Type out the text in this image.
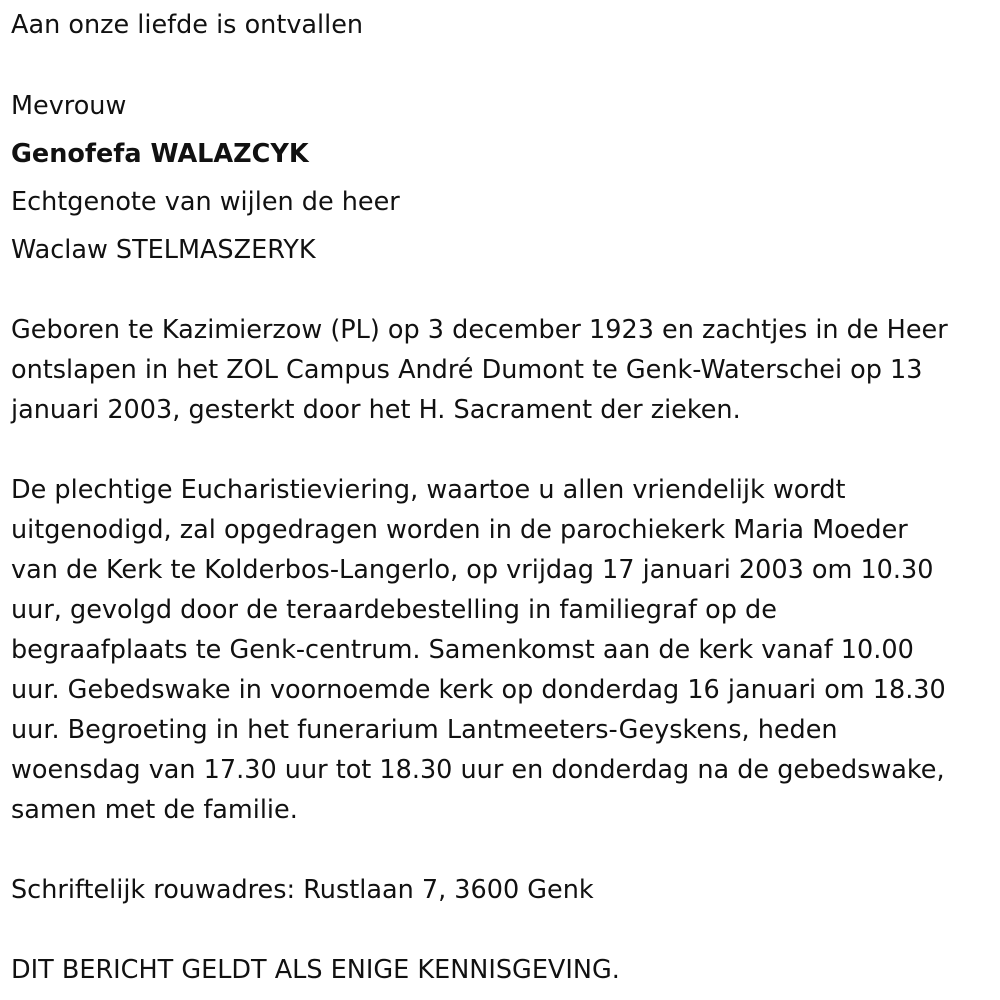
Aan onze liefde is ontvallen

Mevrouw

Genofefa WALAZCYK

Echtgenote van wijlen de heer

Waclaw STELMASZERYK

Geboren te Kazimierzow (PL) op 3 december 1923 en zachtjes in de Heer

ontslapen in het ZOL Campus André Dumont te Genk-Waterschei op 13

januari 2003, gesterkt door het H. Sacrament der zieken.

De plechtige Eucharistieviering, waartoe u allen vriendelijk wordt

uitgenodigd, zal opgedragen worden in de parochiekerk Maria Moeder

van de Kerk te Kolderbos-Langerlo, op vrijdag 17 januari 2003 om 10.30

uur, gevolgd door de teraardebestelling in familiegraf op de

begraafplaats te Genk-centrum. Samenkomst aan de kerk vanaf 10.00

uur. Gebedswake in voornoemde kerk op donderdag 16 januari om 18.30

uur. Begroeting in het funerarium Lantmeeters-Geyskens, heden

woensdag van 17.30 uur tot 18.30 uur en donderdag na de gebedswake,

samen met de familie.

Schriftelijk rouwadres: Rustlaan 7, 3600 Genk

DIT BERICHT GELDT ALS ENIGE KENNISGEVING.
